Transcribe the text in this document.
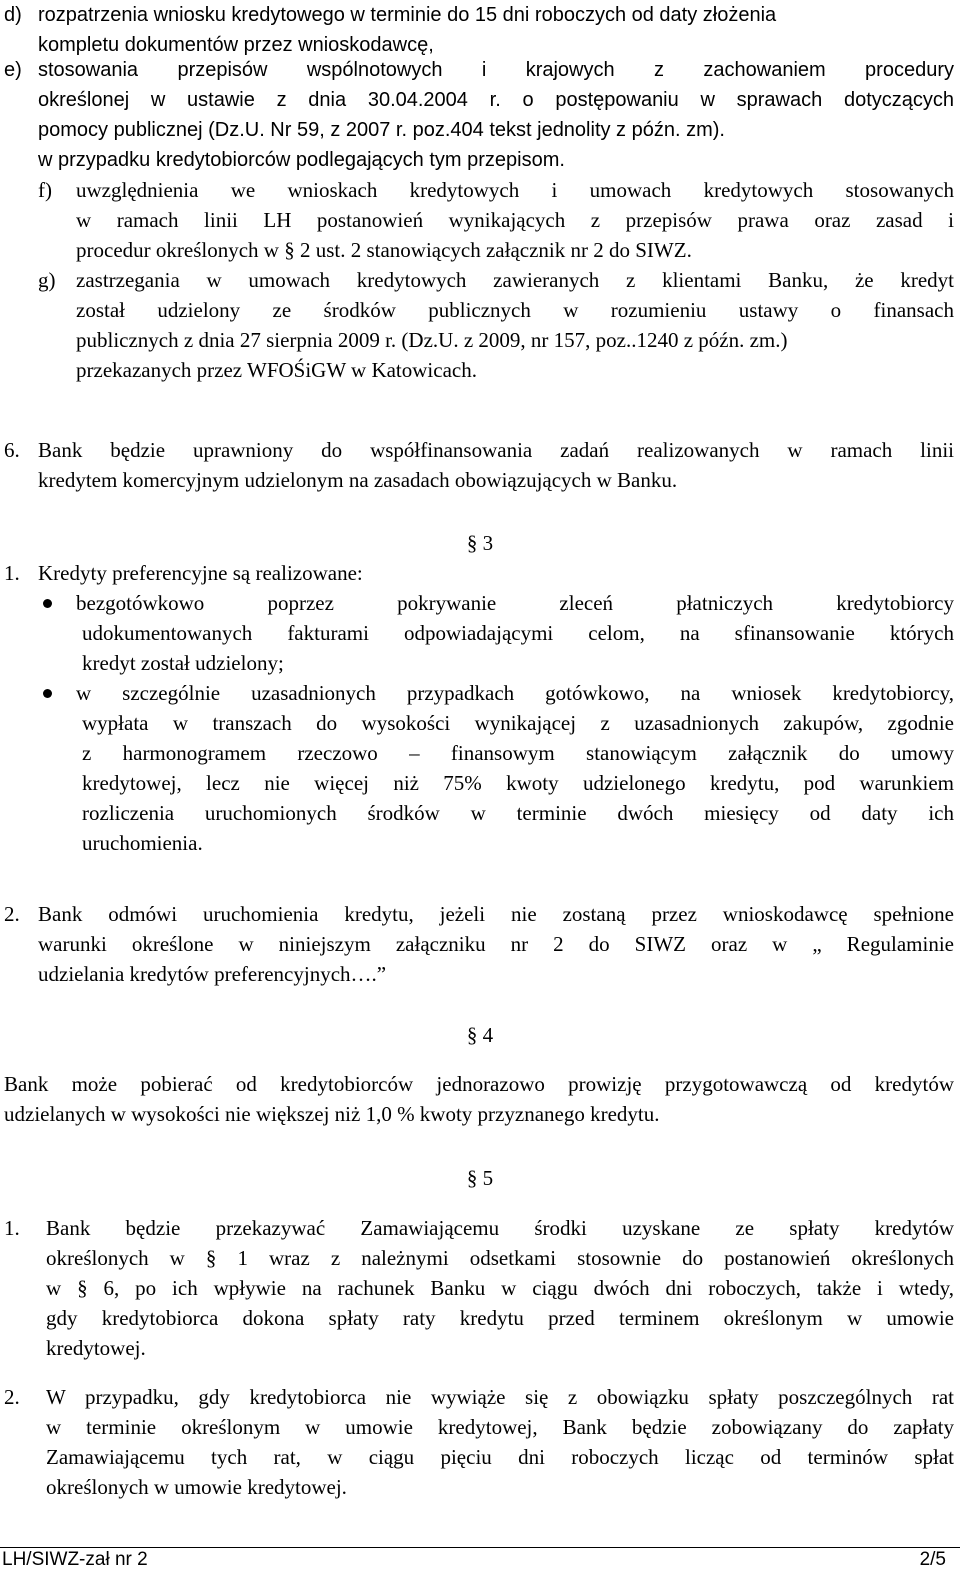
d) rozpatrzenia wniosku kredytowego w terminie do 15 dni roboczych od daty złożenia
kompletu dokumentów przez wnioskodawcę,
e) stosowania przepisów wspólnotowych i krajowych z zachowaniem procedury
określonej w ustawie z dnia 30.04.2004 r. o postępowaniu w sprawach dotyczących
pomocy publicznej (Dz.U. Nr 59, z 2007 r. poz.404 tekst jednolity z późn. zm).
w przypadku kredytobiorców podlegających tym przepisom.
f) uwzględnienia we wnioskach kredytowych i umowach kredytowych stosowanych
w ramach linii LH postanowień wynikających z przepisów prawa oraz zasad i
procedur określonych w § 2 ust. 2 stanowiących załącznik nr 2 do SIWZ.
g) zastrzegania w umowach kredytowych zawieranych z klientami Banku, że kredyt
został udzielony ze środków publicznych w rozumieniu ustawy o finansach
publicznych z dnia 27 sierpnia 2009 r. (Dz.U. z 2009, nr 157, poz..1240 z późn. zm.)
przekazanych przez WFOŚiGW w Katowicach.
6. Bank będzie uprawniony do współfinansowania zadań realizowanych w ramach linii
kredytem komercyjnym udzielonym na zasadach obowiązujących w Banku.
§ 3
1. Kredyty preferencyjne są realizowane:
bezgotówkowo poprzez pokrywanie zleceń płatniczych kredytobiorcy
udokumentowanych fakturami odpowiadającymi celom, na sfinansowanie których
kredyt został udzielony;
w szczególnie uzasadnionych przypadkach gotówkowo, na wniosek kredytobiorcy,
wypłata w transzach do wysokości wynikającej z uzasadnionych zakupów, zgodnie
z harmonogramem rzeczowo – finansowym stanowiącym załącznik do umowy
kredytowej, lecz nie więcej niż 75% kwoty udzielonego kredytu, pod warunkiem
rozliczenia uruchomionych środków w terminie dwóch miesięcy od daty ich
uruchomienia.
2. Bank odmówi uruchomienia kredytu, jeżeli nie zostaną przez wnioskodawcę spełnione
warunki określone w niniejszym załączniku nr 2 do SIWZ oraz w „ Regulaminie
udzielania kredytów preferencyjnych….”
§ 4
Bank może pobierać od kredytobiorców jednorazowo prowizję przygotowawczą od kredytów
udzielanych w wysokości nie większej niż 1,0 % kwoty przyznanego kredytu.
§ 5
1. Bank będzie przekazywać Zamawiającemu środki uzyskane ze spłaty kredytów
określonych w § 1 wraz z należnymi odsetkami stosownie do postanowień określonych
w § 6, po ich wpływie na rachunek Banku w ciągu dwóch dni roboczych, także i wtedy,
gdy kredytobiorca dokona spłaty raty kredytu przed terminem określonym w umowie
kredytowej.
2. W przypadku, gdy kredytobiorca nie wywiąże się z obowiązku spłaty poszczególnych rat
w terminie określonym w umowie kredytowej, Bank będzie zobowiązany do zapłaty
Zamawiającemu tych rat, w ciągu pięciu dni roboczych licząc od terminów spłat
określonych w umowie kredytowej.
LH/SIWZ-zał nr 2	2/5
